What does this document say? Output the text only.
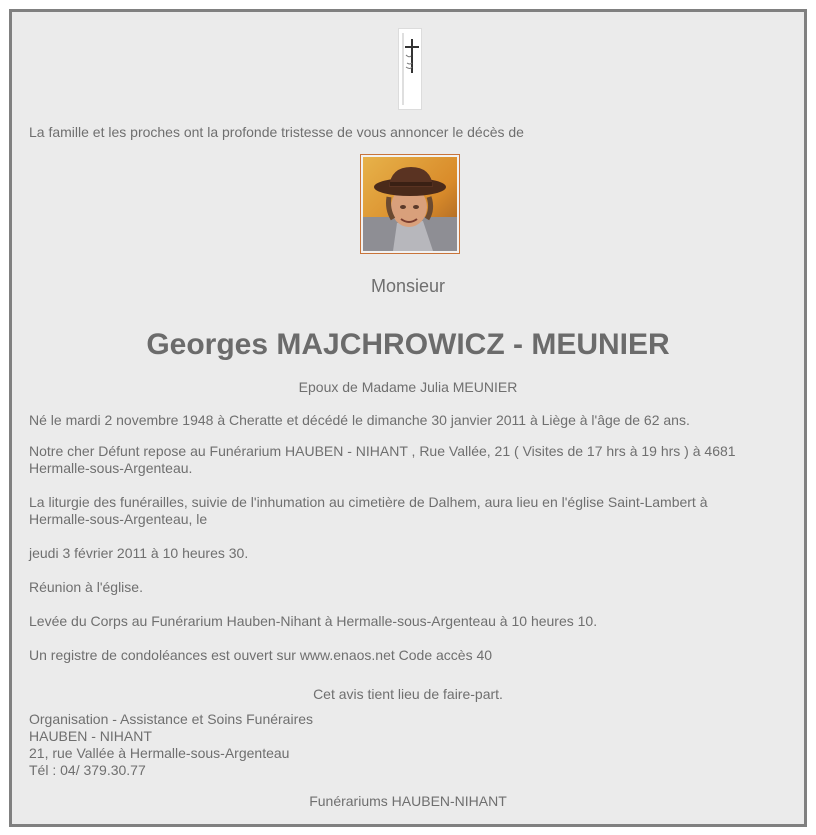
La famille et les proches ont la profonde tristesse de vous annoncer le décès de
Monsieur
Georges MAJCHROWICZ - MEUNIER
Epoux de Madame Julia MEUNIER
Né le mardi 2 novembre 1948 à Cheratte et décédé le dimanche 30 janvier 2011 à Liège à l'âge de 62 ans.
Notre cher Défunt repose au Funérarium HAUBEN - NIHANT , Rue Vallée, 21 ( Visites de 17 hrs à 19 hrs ) à 4681 Hermalle-sous-Argenteau.
La liturgie des funérailles, suivie de l'inhumation au cimetière de Dalhem, aura lieu en l'église Saint-Lambert à Hermalle-sous-Argenteau, le
jeudi 3 février 2011 à 10 heures 30.
Réunion à l'église.
Levée du Corps au Funérarium Hauben-Nihant à Hermalle-sous-Argenteau à 10 heures 10.
Un registre de condoléances est ouvert sur www.enaos.net Code accès 40
Cet avis tient lieu de faire-part.
Organisation - Assistance et Soins Funéraires
HAUBEN - NIHANT
21, rue Vallée à Hermalle-sous-Argenteau
Tél : 04/ 379.30.77
Funérariums HAUBEN-NIHANT
